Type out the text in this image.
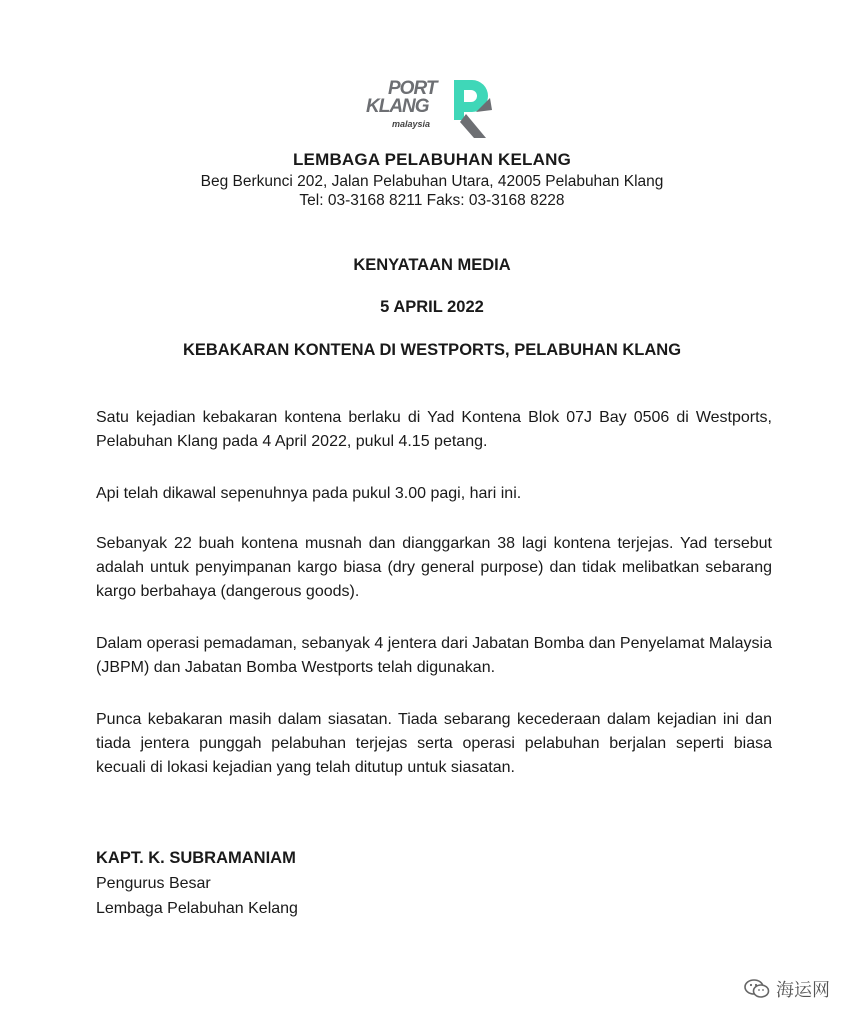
PORT
KLANG
malaysia
LEMBAGA PELABUHAN KELANG
Beg Berkunci 202, Jalan Pelabuhan Utara, 42005 Pelabuhan Klang
Tel: 03-3168 8211 Faks: 03-3168 8228
KENYATAAN MEDIA
5 APRIL 2022
KEBAKARAN KONTENA DI WESTPORTS, PELABUHAN KLANG
Satu kejadian kebakaran kontena berlaku di Yad Kontena Blok 07J Bay 0506 di Westports, Pelabuhan Klang pada 4 April 2022, pukul 4.15 petang.
Api telah dikawal sepenuhnya pada pukul 3.00 pagi, hari ini.
Sebanyak 22 buah kontena musnah dan dianggarkan 38 lagi kontena terjejas. Yad tersebut adalah untuk penyimpanan kargo biasa (dry general purpose) dan tidak melibatkan sebarang kargo berbahaya (dangerous goods).
Dalam operasi pemadaman, sebanyak 4 jentera dari Jabatan Bomba dan Penyelamat Malaysia (JBPM) dan Jabatan Bomba Westports telah digunakan.
Punca kebakaran masih dalam siasatan. Tiada sebarang kecederaan dalam kejadian ini dan tiada jentera punggah pelabuhan terjejas serta operasi pelabuhan berjalan seperti biasa kecuali di lokasi kejadian yang telah ditutup untuk siasatan.
KAPT. K. SUBRAMANIAM
Pengurus Besar
Lembaga Pelabuhan Kelang
海运网
